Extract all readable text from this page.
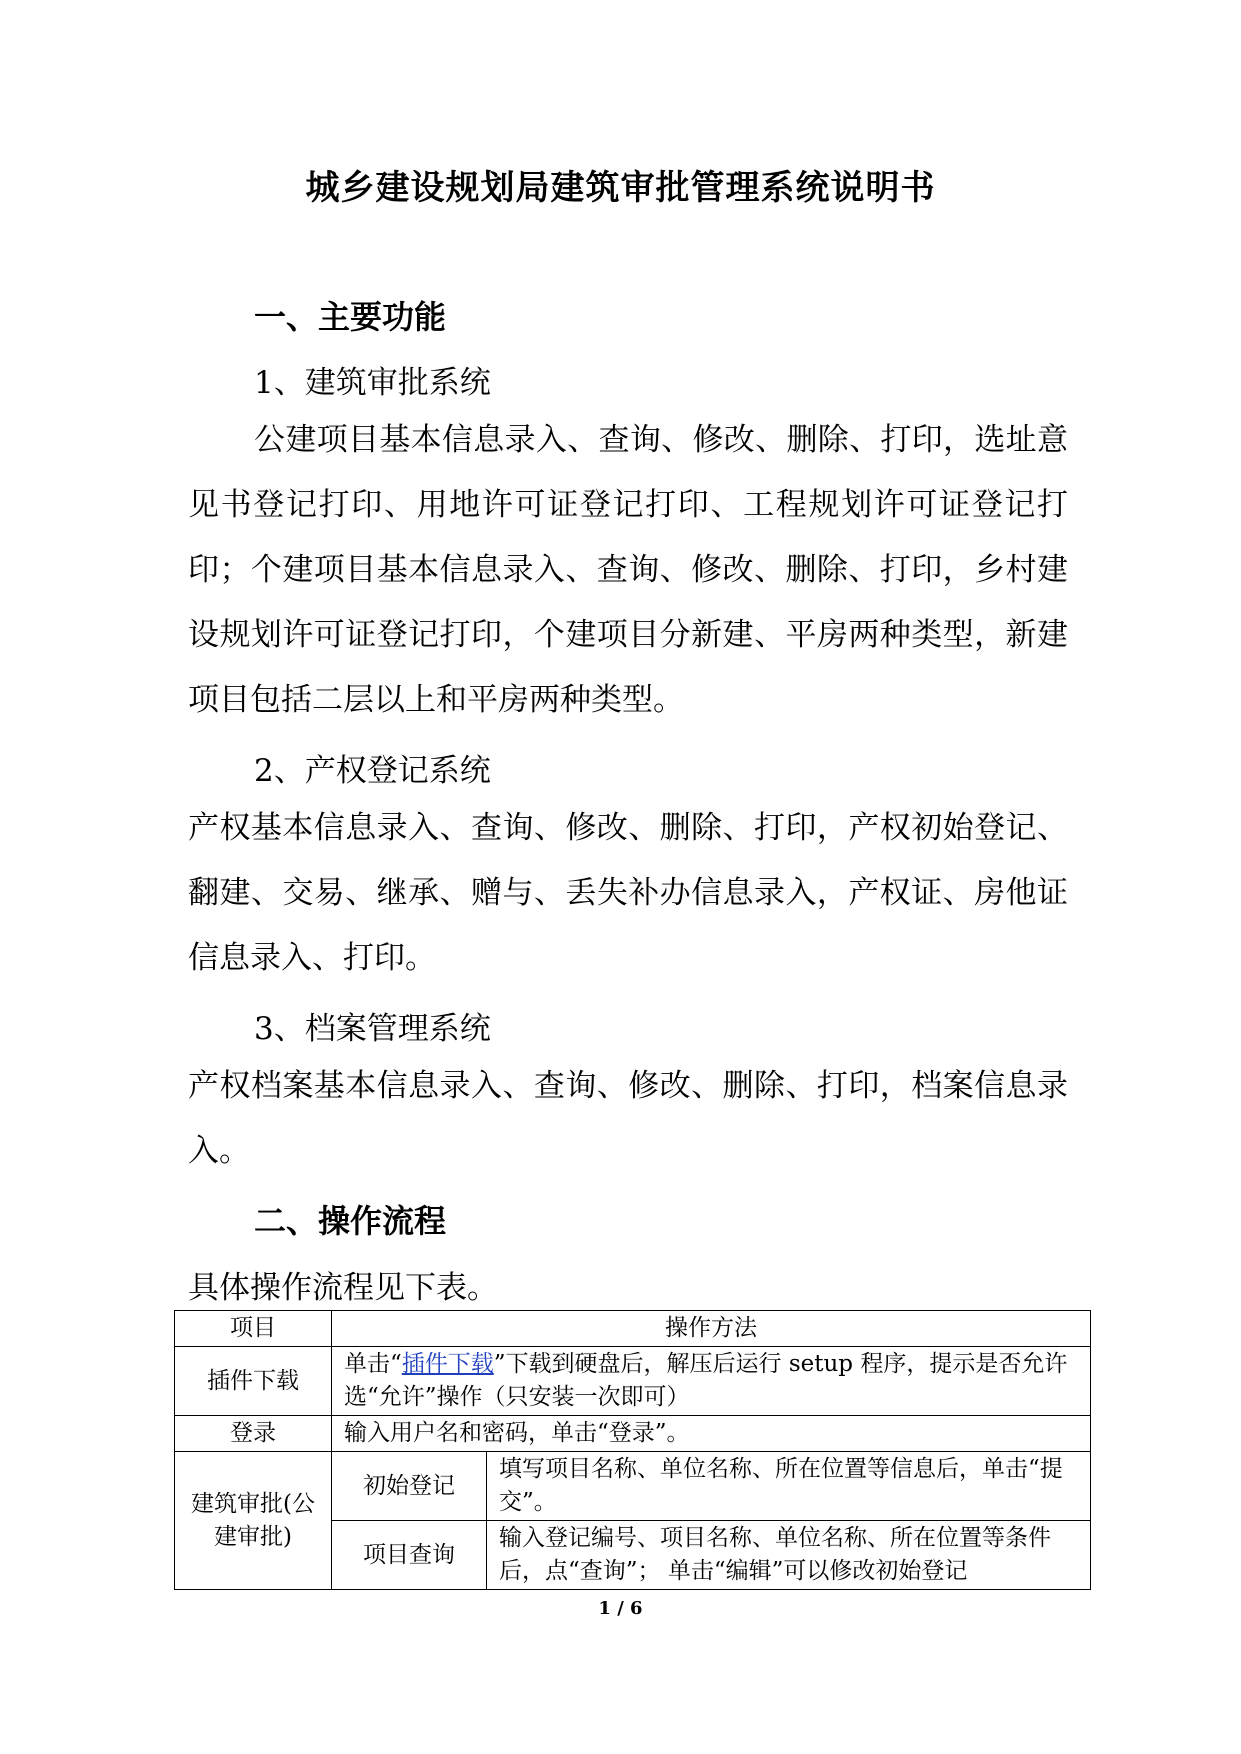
城乡建设规划局建筑审批管理系统说明书
一、主要功能
1、建筑审批系统

公建项目基本信息录入、查询、修改、删除、打印，选址意见书登记打印、用地许可证登记打印、工程规划许可证登记打印；个建项目基本信息录入、查询、修改、删除、打印，乡村建设规划许可证登记打印，个建项目分新建、平房两种类型，新建项目包括二层以上和平房两种类型。

2、产权登记系统

产权基本信息录入、查询、修改、删除、打印，产权初始登记、翻建、交易、继承、赠与、丢失补办信息录入，产权证、房他证信息录入、打印。

3、档案管理系统

产权档案基本信息录入、查询、修改、删除、打印，档案信息录入。

二、操作流程
具体操作流程见下表。
项目	操作方法	
插件下载	单击“插件下载”下载到硬盘后，解压后运行 setup 程序，提示是否允许选“允许”操作（只安装一次即可）	
登录	输入用户名和密码，单击“登录”。	
建筑审批(公建审批)	初始登记	填写项目名称、单位名称、所在位置等信息后，单击“提交”。
	项目查询	输入登记编号、项目名称、单位名称、所在位置等条件后，点“查询”； 单击“编辑”可以修改初始登记
1 / 6
